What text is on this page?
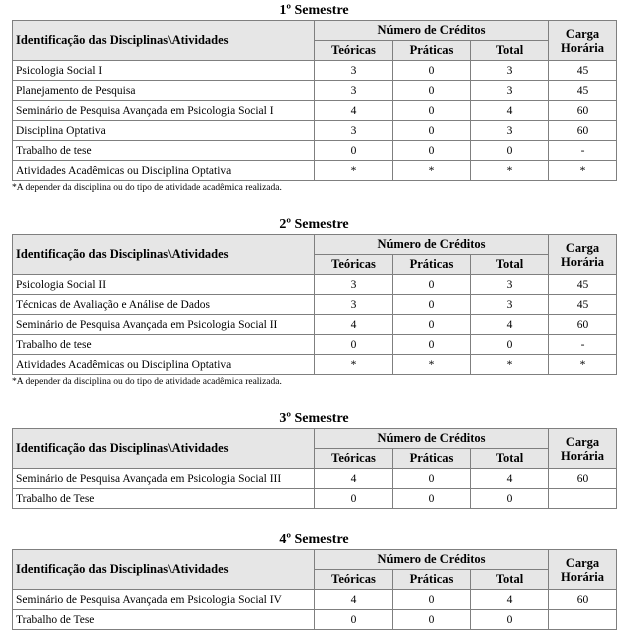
1º Semestre
Identificação das Disciplinas\Atividades	Número de Créditos			Carga
Horária
	Teóricas	Práticas	Total	
Psicologia Social I	3	0	3	45
Planejamento de Pesquisa	3	0	3	45
Seminário de Pesquisa Avançada em Psicologia Social I	4	0	4	60
Disciplina Optativa	3	0	3	60
Trabalho de tese	0	0	0	-
Atividades Acadêmicas ou Disciplina Optativa	*	*	*	*
*A depender da disciplina ou do tipo de atividade acadêmica realizada.
2º Semestre
Identificação das Disciplinas\Atividades	Número de Créditos			Carga
Horária
	Teóricas	Práticas	Total	
Psicologia Social II	3	0	3	45
Técnicas de Avaliação e Análise de Dados	3	0	3	45
Seminário de Pesquisa Avançada em Psicologia Social II	4	0	4	60
Trabalho de tese	0	0	0	-
Atividades Acadêmicas ou Disciplina Optativa	*	*	*	*
*A depender da disciplina ou do tipo de atividade acadêmica realizada.
3º Semestre
Identificação das Disciplinas\Atividades	Número de Créditos			Carga
Horária
	Teóricas	Práticas	Total	
Seminário de Pesquisa Avançada em Psicologia Social III	4	0	4	60
Trabalho de Tese	0	0	0	
4º Semestre
Identificação das Disciplinas\Atividades	Número de Créditos			Carga
Horária
	Teóricas	Práticas	Total	
Seminário de Pesquisa Avançada em Psicologia Social IV	4	0	4	60
Trabalho de Tese	0	0	0	
